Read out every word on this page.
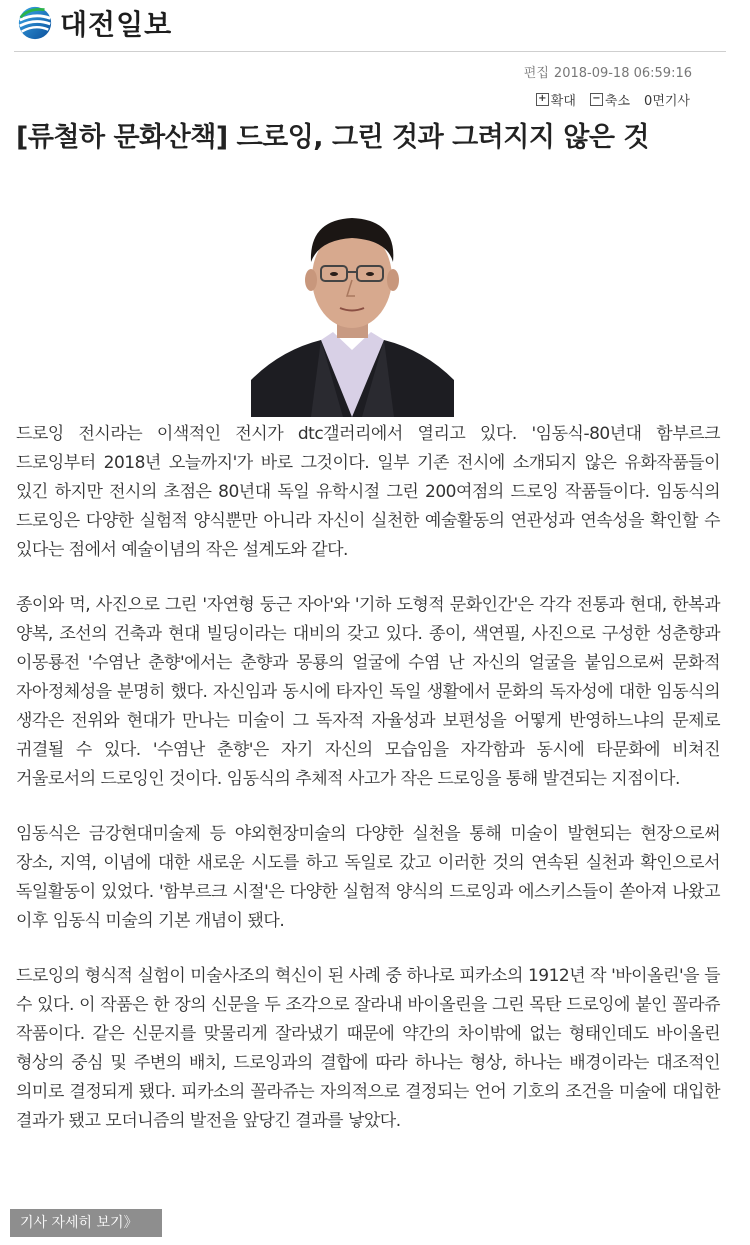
대전일보
편집 2018-09-18 06:59:16
+ 확대 − 축소 0면기사
[류철하 문화산책] 드로잉, 그린 것과 그려지지 않은 것

드로잉 전시라는 이색적인 전시가 dtc갤러리에서 열리고 있다. '임동식-80년대 함부르크 드로잉부터 2018년 오늘까지'가 바로 그것이다. 일부 기존 전시에 소개되지 않은 유화작품들이 있긴 하지만 전시의 초점은 80년대 독일 유학시절 그린 200여점의 드로잉 작품들이다. 임동식의 드로잉은 다양한 실험적 양식뿐만 아니라 자신이 실천한 예술활동의 연관성과 연속성을 확인할 수 있다는 점에서 예술이념의 작은 설계도와 같다.

종이와 먹, 사진으로 그린 '자연형 둥근 자아'와 '기하 도형적 문화인간'은 각각 전통과 현대, 한복과 양복, 조선의 건축과 현대 빌딩이라는 대비의 갖고 있다. 종이, 색연필, 사진으로 구성한 성춘향과 이몽룡전 '수염난 춘향'에서는 춘향과 몽룡의 얼굴에 수염 난 자신의 얼굴을 붙임으로써 문화적 자아정체성을 분명히 했다. 자신임과 동시에 타자인 독일 생활에서 문화의 독자성에 대한 임동식의 생각은 전위와 현대가 만나는 미술이 그 독자적 자율성과 보편성을 어떻게 반영하느냐의 문제로 귀결될 수 있다. '수염난 춘향'은 자기 자신의 모습임을 자각함과 동시에 타문화에 비쳐진 거울로서의 드로잉인 것이다. 임동식의 추체적 사고가 작은 드로잉을 통해 발견되는 지점이다.

임동식은 금강현대미술제 등 야외현장미술의 다양한 실천을 통해 미술이 발현되는 현장으로써 장소, 지역, 이념에 대한 새로운 시도를 하고 독일로 갔고 이러한 것의 연속된 실천과 확인으로서 독일활동이 있었다. '함부르크 시절'은 다양한 실험적 양식의 드로잉과 에스키스들이 쏟아져 나왔고 이후 임동식 미술의 기본 개념이 됐다.

드로잉의 형식적 실험이 미술사조의 혁신이 된 사례 중 하나로 피카소의 1912년 작 '바이올린'을 들 수 있다. 이 작품은 한 장의 신문을 두 조각으로 잘라내 바이올린을 그린 목탄 드로잉에 붙인 꼴라쥬 작품이다. 같은 신문지를 맞물리게 잘라냈기 때문에 약간의 차이밖에 없는 형태인데도 바이올린 형상의 중심 및 주변의 배치, 드로잉과의 결합에 따라 하나는 형상, 하나는 배경이라는 대조적인 의미로 결정되게 됐다. 피카소의 꼴라쥬는 자의적으로 결정되는 언어 기호의 조건을 미술에 대입한 결과가 됐고 모더니즘의 발전을 앞당긴 결과를 낳았다.

기사 자세히 보기》
